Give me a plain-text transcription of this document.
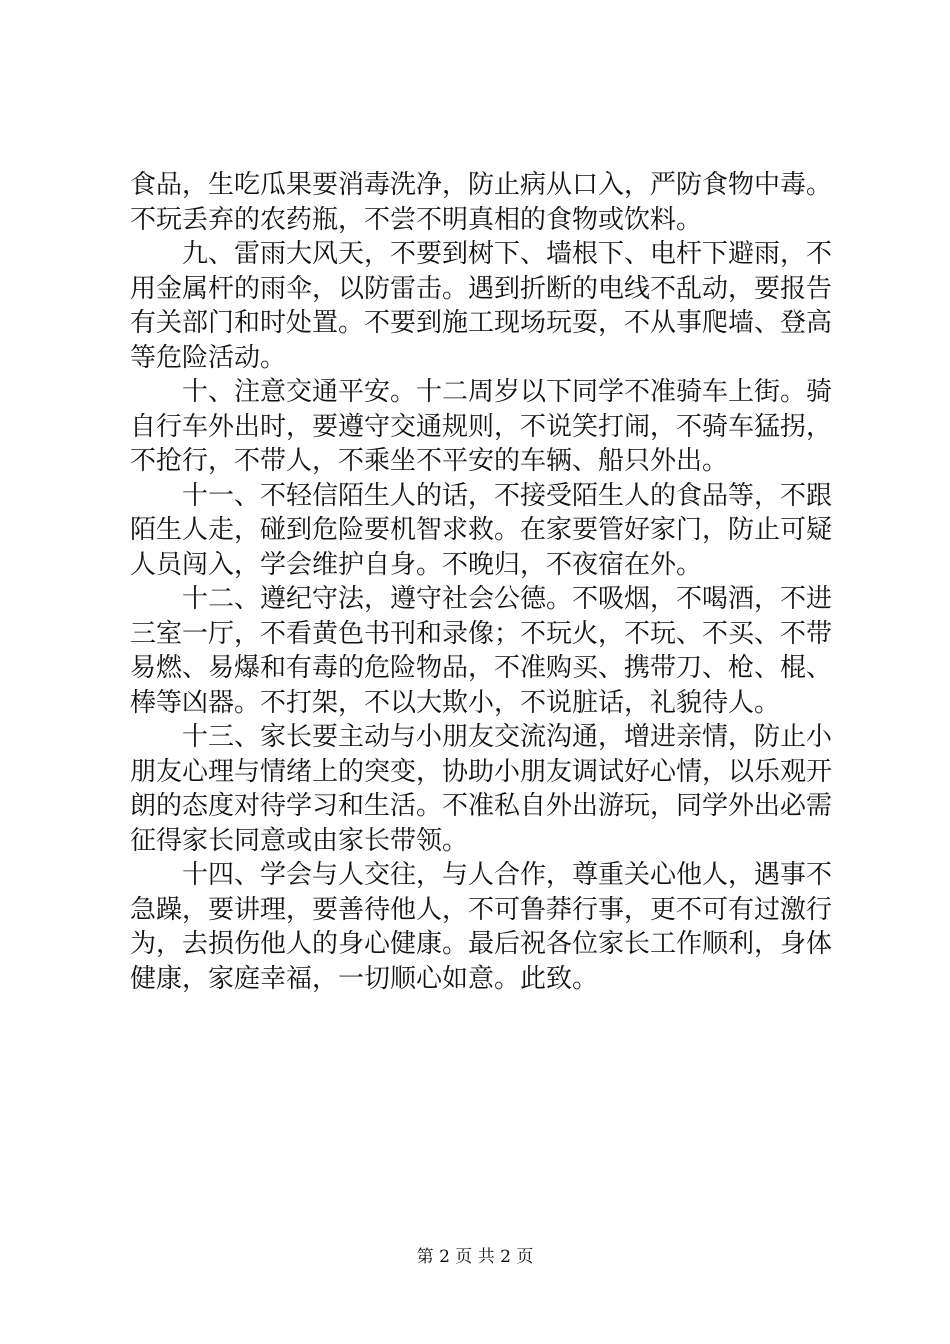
食品，生吃瓜果要消毒洗净，防止病从口入，严防食物中毒。
不玩丢弃的农药瓶，不尝不明真相的食物或饮料。
九、雷雨大风天，不要到树下、墙根下、电杆下避雨，不
用金属杆的雨伞，以防雷击。遇到折断的电线不乱动，要报告
有关部门和时处置。不要到施工现场玩耍，不从事爬墙、登高
等危险活动。
十、注意交通平安。十二周岁以下同学不准骑车上街。骑
自行车外出时，要遵守交通规则，不说笑打闹，不骑车猛拐，
不抢行，不带人，不乘坐不平安的车辆、船只外出。
十一、不轻信陌生人的话，不接受陌生人的食品等，不跟
陌生人走，碰到危险要机智求救。在家要管好家门，防止可疑
人员闯入，学会维护自身。不晚归，不夜宿在外。
十二、遵纪守法，遵守社会公德。不吸烟，不喝酒，不进
三室一厅，不看黄色书刊和录像；不玩火，不玩、不买、不带
易燃、易爆和有毒的危险物品，不准购买、携带刀、枪、棍、
棒等凶器。不打架，不以大欺小，不说脏话，礼貌待人。
十三、家长要主动与小朋友交流沟通，增进亲情，防止小
朋友心理与情绪上的突变，协助小朋友调试好心情，以乐观开
朗的态度对待学习和生活。不准私自外出游玩，同学外出必需
征得家长同意或由家长带领。
十四、学会与人交往，与人合作，尊重关心他人，遇事不
急躁，要讲理，要善待他人，不可鲁莽行事，更不可有过激行
为，去损伤他人的身心健康。最后祝各位家长工作顺利，身体
健康，家庭幸福，一切顺心如意。此致。
第 2 页 共 2 页
